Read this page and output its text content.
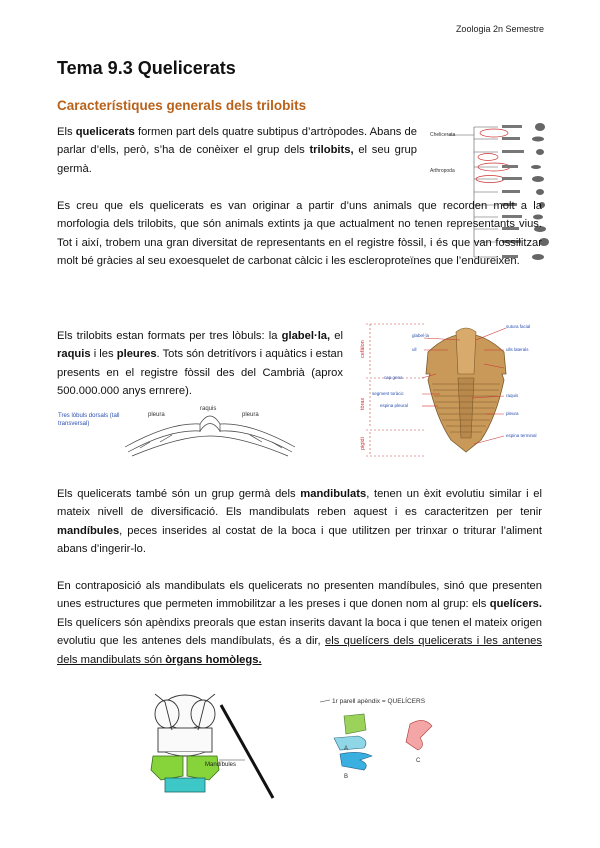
Zoologia 2n Semestre
Tema 9.3 Quelicerats
Característiques generals dels trilobits
Els quelicerats formen part dels quatre subtipus d’artròpodes. Abans de parlar d’ells, però, s’ha de conèixer el grup dels trilobits, el seu grup germà.
Chelicerata
Arthropoda
Es creu que els quelicerats es van originar a partir d’uns animals que recorden molt a la morfologia dels trilobits, que són animals extints ja que actualment no tenen representants vius. Tot i així, trobem una gran diversitat de representants en el registre fòssil, i és que van fossilitzar molt bé gràcies al seu exoesquelet de carbonat càlcic i les escleroproteïnes que l’endureixen.
Els trilobits estan formats per tres lòbuls: la glabel·la, el raquis i les pleures. Tots són detritívors i aquàtics i estan presents en el registre fòssil des del Cambrià (aprox 500.000.000 anys ernrere).
Tres lòbuls dorsals (tall transversal)
pleura
raquis
pleura
cefàlon
tòrax
pigidi
glabel·la
ull
cap gena
segment toràcic
espina pleural
sutura facial
ulls laterals
raquis
pleura
espina terminal
Els quelicerats també són un grup germà dels mandibulats, tenen un èxit evolutiu similar i el mateix nivell de diversificació. Els mandibulats reben aquest i es caracteritzen per tenir mandíbules, peces inserides al costat de la boca i que utilitzen per trinxar o triturar l’aliment abans d’ingerir-lo.
En contraposició als mandibulats els quelicerats no presenten mandíbules, sinó que presenten unes estructures que permeten immobilitzar a les preses i que donen nom al grup: els quelícers. Els quelícers són apèndixs preorals que estan inserits davant la boca i que tenen el mateix origen evolutiu que les antenes dels mandíbulats, és a dir, els quelícers dels quelicerats i les antenes dels mandibulats són òrgans homòlegs.
Mandíbules
1r parell apèndix = QUELÍCERS
A
B
C
